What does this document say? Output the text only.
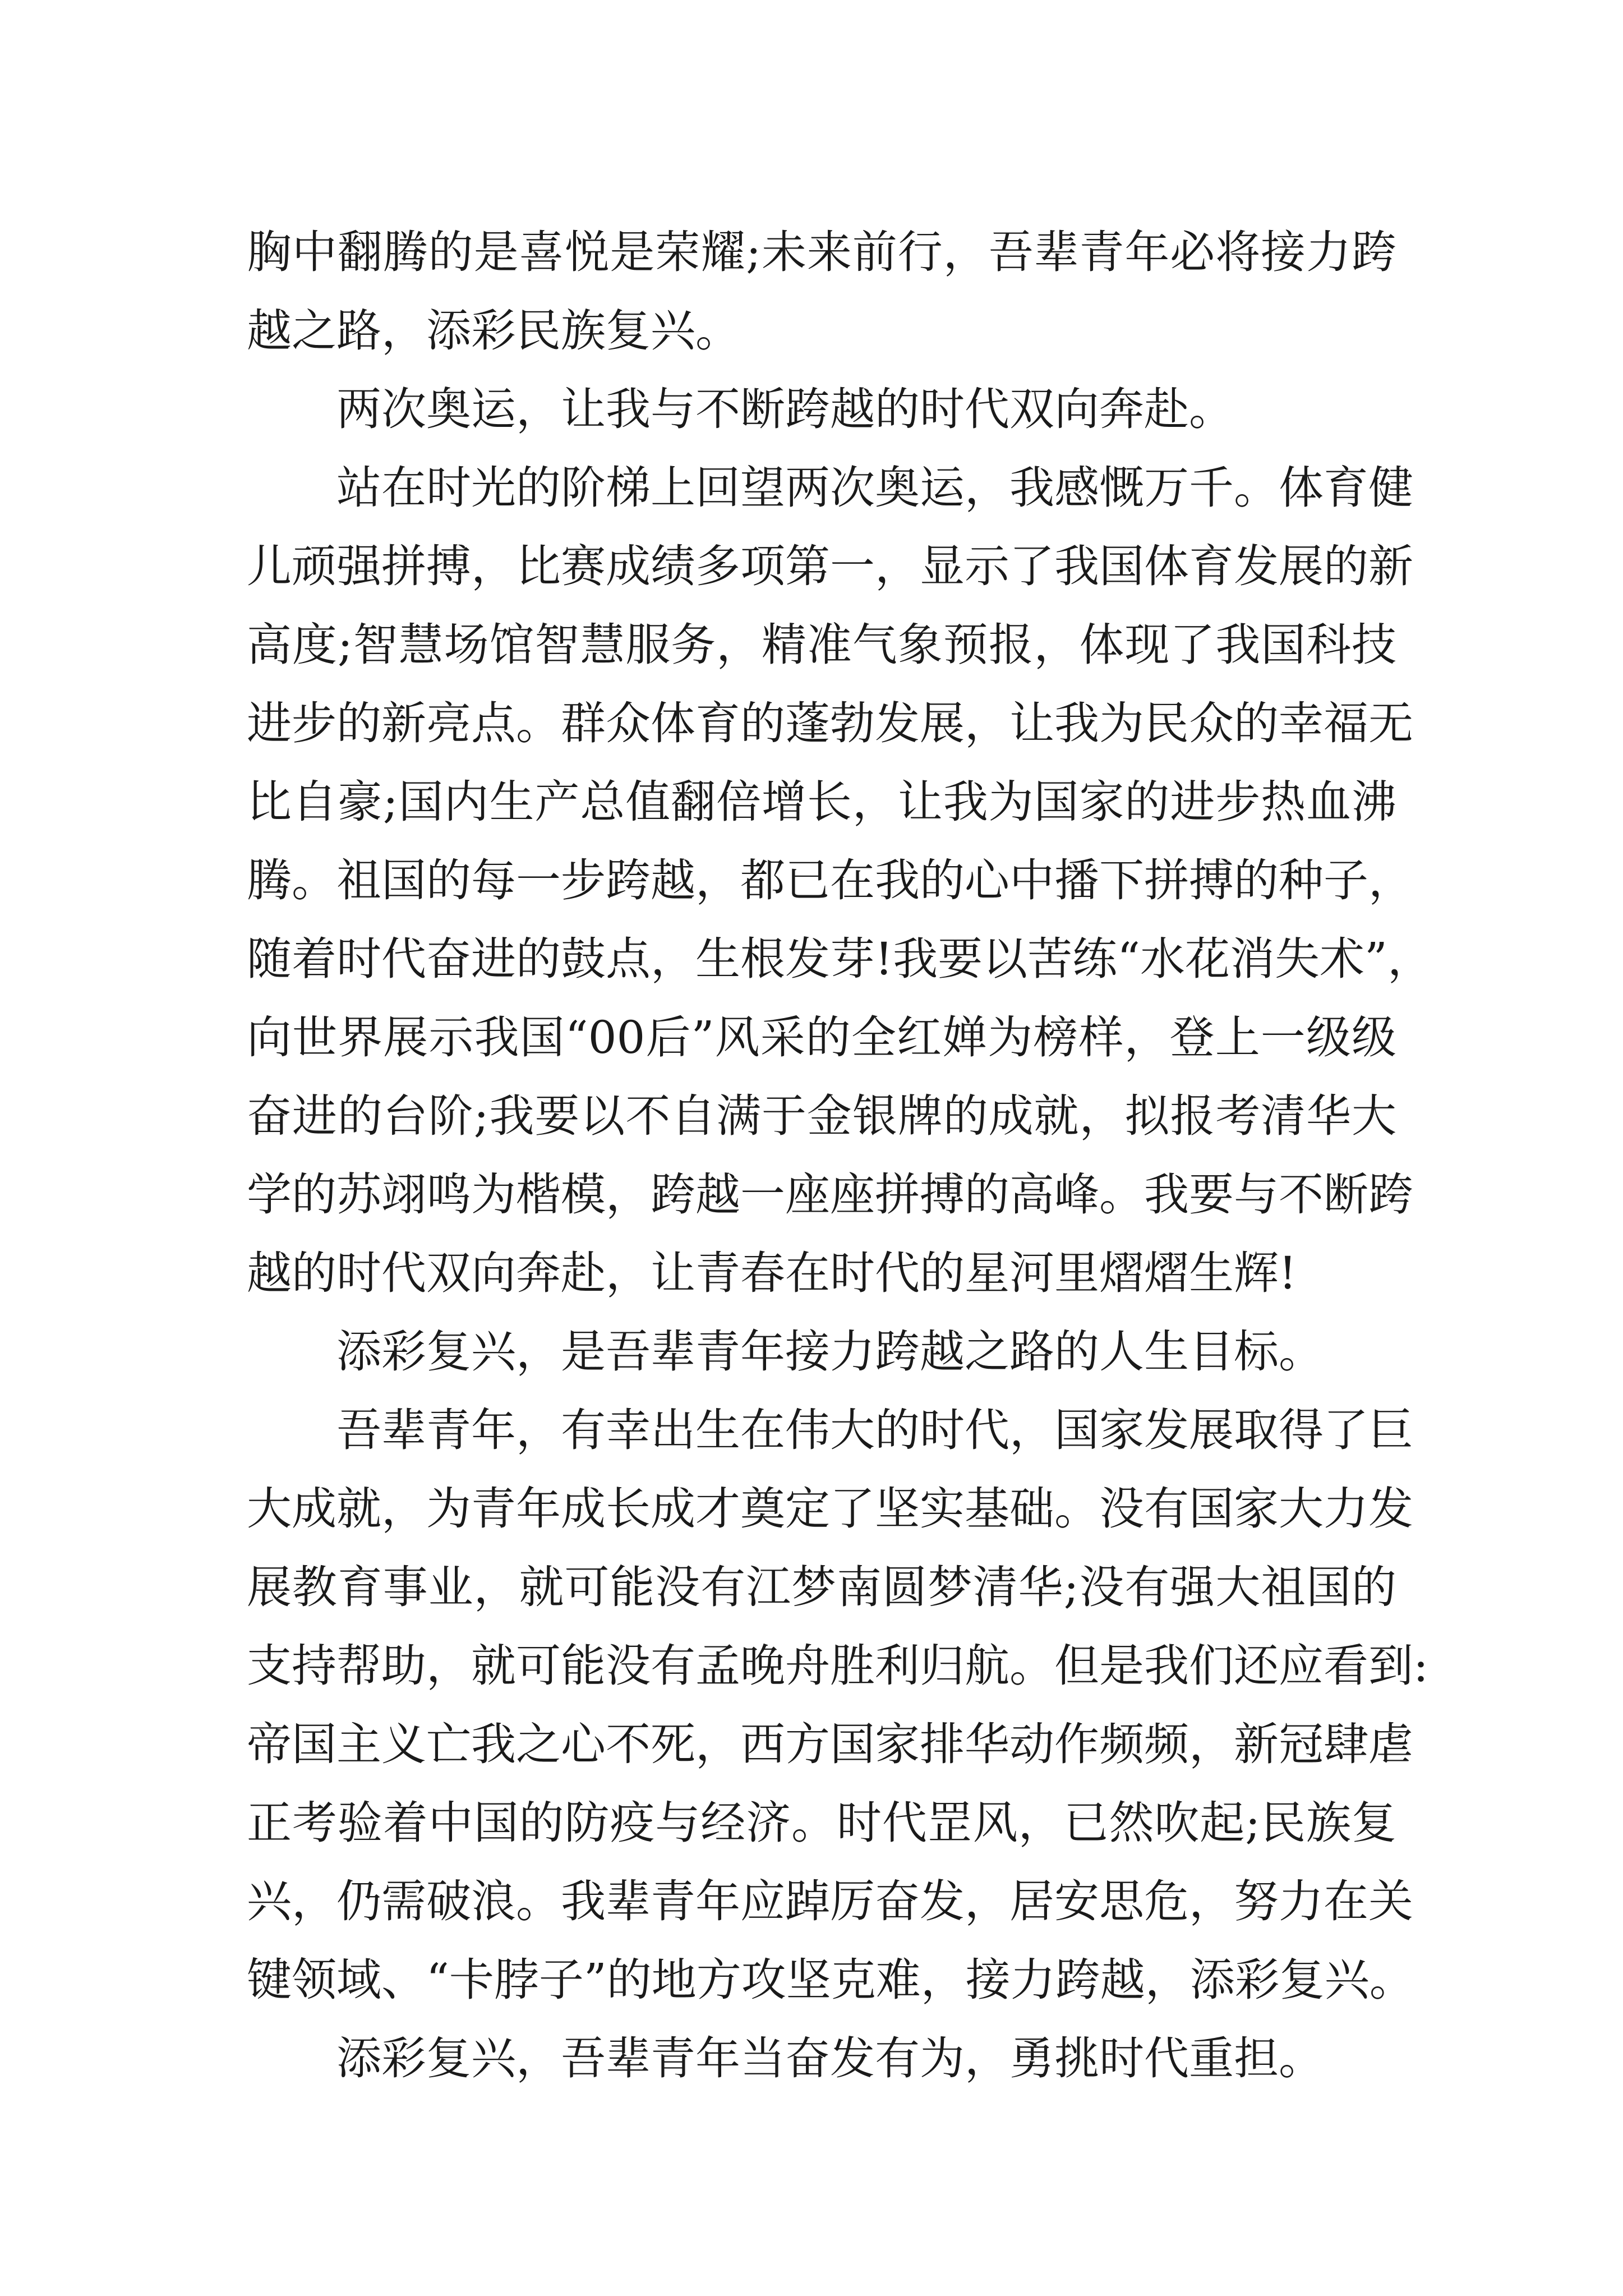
胸中翻腾的是喜悦是荣耀;未来前行，吾辈青年必将接力跨
越之路，添彩民族复兴。
两次奥运，让我与不断跨越的时代双向奔赴。
站在时光的阶梯上回望两次奥运，我感慨万千。体育健
儿顽强拼搏，比赛成绩多项第一，显示了我国体育发展的新
高度;智慧场馆智慧服务，精准气象预报，体现了我国科技
进步的新亮点。群众体育的蓬勃发展，让我为民众的幸福无
比自豪;国内生产总值翻倍增长，让我为国家的进步热血沸
腾。祖国的每一步跨越，都已在我的心中播下拼搏的种子，
随着时代奋进的鼓点，生根发芽!我要以苦练“水花消失术”，
向世界展示我国“00后”风采的全红婵为榜样，登上一级级
奋进的台阶;我要以不自满于金银牌的成就，拟报考清华大
学的苏翊鸣为楷模，跨越一座座拼搏的高峰。我要与不断跨
越的时代双向奔赴，让青春在时代的星河里熠熠生辉!
添彩复兴，是吾辈青年接力跨越之路的人生目标。
吾辈青年，有幸出生在伟大的时代，国家发展取得了巨
大成就，为青年成长成才奠定了坚实基础。没有国家大力发
展教育事业，就可能没有江梦南圆梦清华;没有强大祖国的
支持帮助，就可能没有孟晚舟胜利归航。但是我们还应看到:
帝国主义亡我之心不死，西方国家排华动作频频，新冠肆虐
正考验着中国的防疫与经济。时代罡风，已然吹起;民族复
兴，仍需破浪。我辈青年应踔厉奋发，居安思危，努力在关
键领域、“卡脖子”的地方攻坚克难，接力跨越，添彩复兴。
添彩复兴，吾辈青年当奋发有为，勇挑时代重担。
